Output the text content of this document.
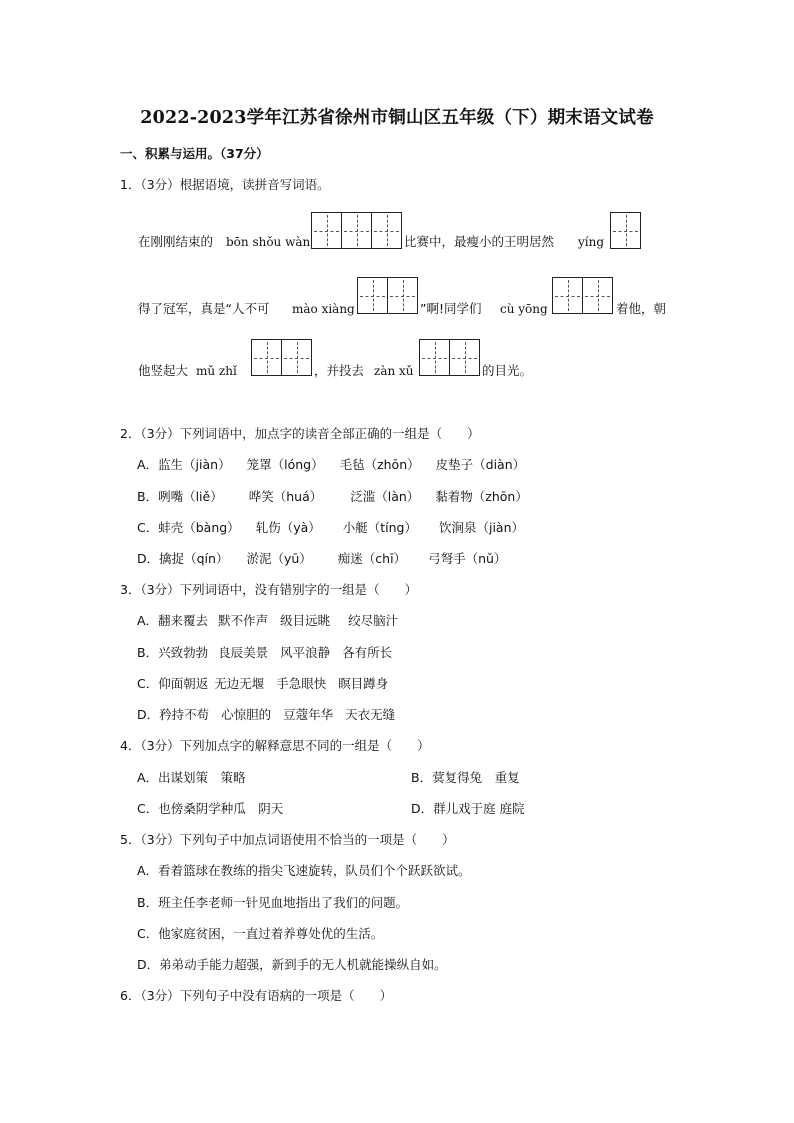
2022-2023学年江苏省徐州市铜山区五年级（下）期末语文试卷
一、积累与运用。（37分）
1．（3分）根据语境，读拼音写词语。
在刚刚结束的 bōn shǒu wàn	比赛中，最瘦小的王明居然 yíng
得了冠军，真是“人不可 mào xiàng	”啊!同学们 cù yōng	着他，朝
他竖起大 mǔ zhǐ	，并投去 zàn xǔ	的目光。
2．（3分）下列词语中，加点字的读音全部正确的一组是（　　）
A．监生（jiàn） 笼罩（lóng） 毛毡（zhōn） 皮垫子（diàn）
B．咧嘴（liě） 哗笑（huá） 泛滥（làn） 黏着物（zhōn）
C．蚌壳（bàng） 轧伤（yà） 小艇（tíng） 饮涧泉（jiàn）
D．擒捉（qín） 淤泥（yū） 痴迷（chī） 弓弩手（nǔ）
3．（3分）下列词语中，没有错别字的一组是（　　）
A．翻来覆去 默不作声 级目远眺 绞尽脑汁
B．兴致勃勃 良辰美景 风平浪静 各有所长
C．仰面朝返 无边无堰 手急眼快 瞑目蹲身
D．矜持不苟 心惊胆的 豆蔻年华 天衣无缝
4．（3分）下列加点字的解释意思不同的一组是（　　）
A．出谋划策　策略	B．蓂复得兔　重复
C．也傍桑阴学种瓜　阴天	D．群儿戏于庭 庭院
5．（3分）下列句子中加点词语使用不恰当的一项是（　　）
A．看着篮球在教练的指尖飞速旋转，队员们个个跃跃欲试。
B．班主任李老师一针见血地指出了我们的问题。
C．他家庭贫困，一直过着养尊处优的生活。
D．弟弟动手能力超强，新到手的无人机就能操纵自如。
6．（3分）下列句子中没有语病的一项是（　　）
